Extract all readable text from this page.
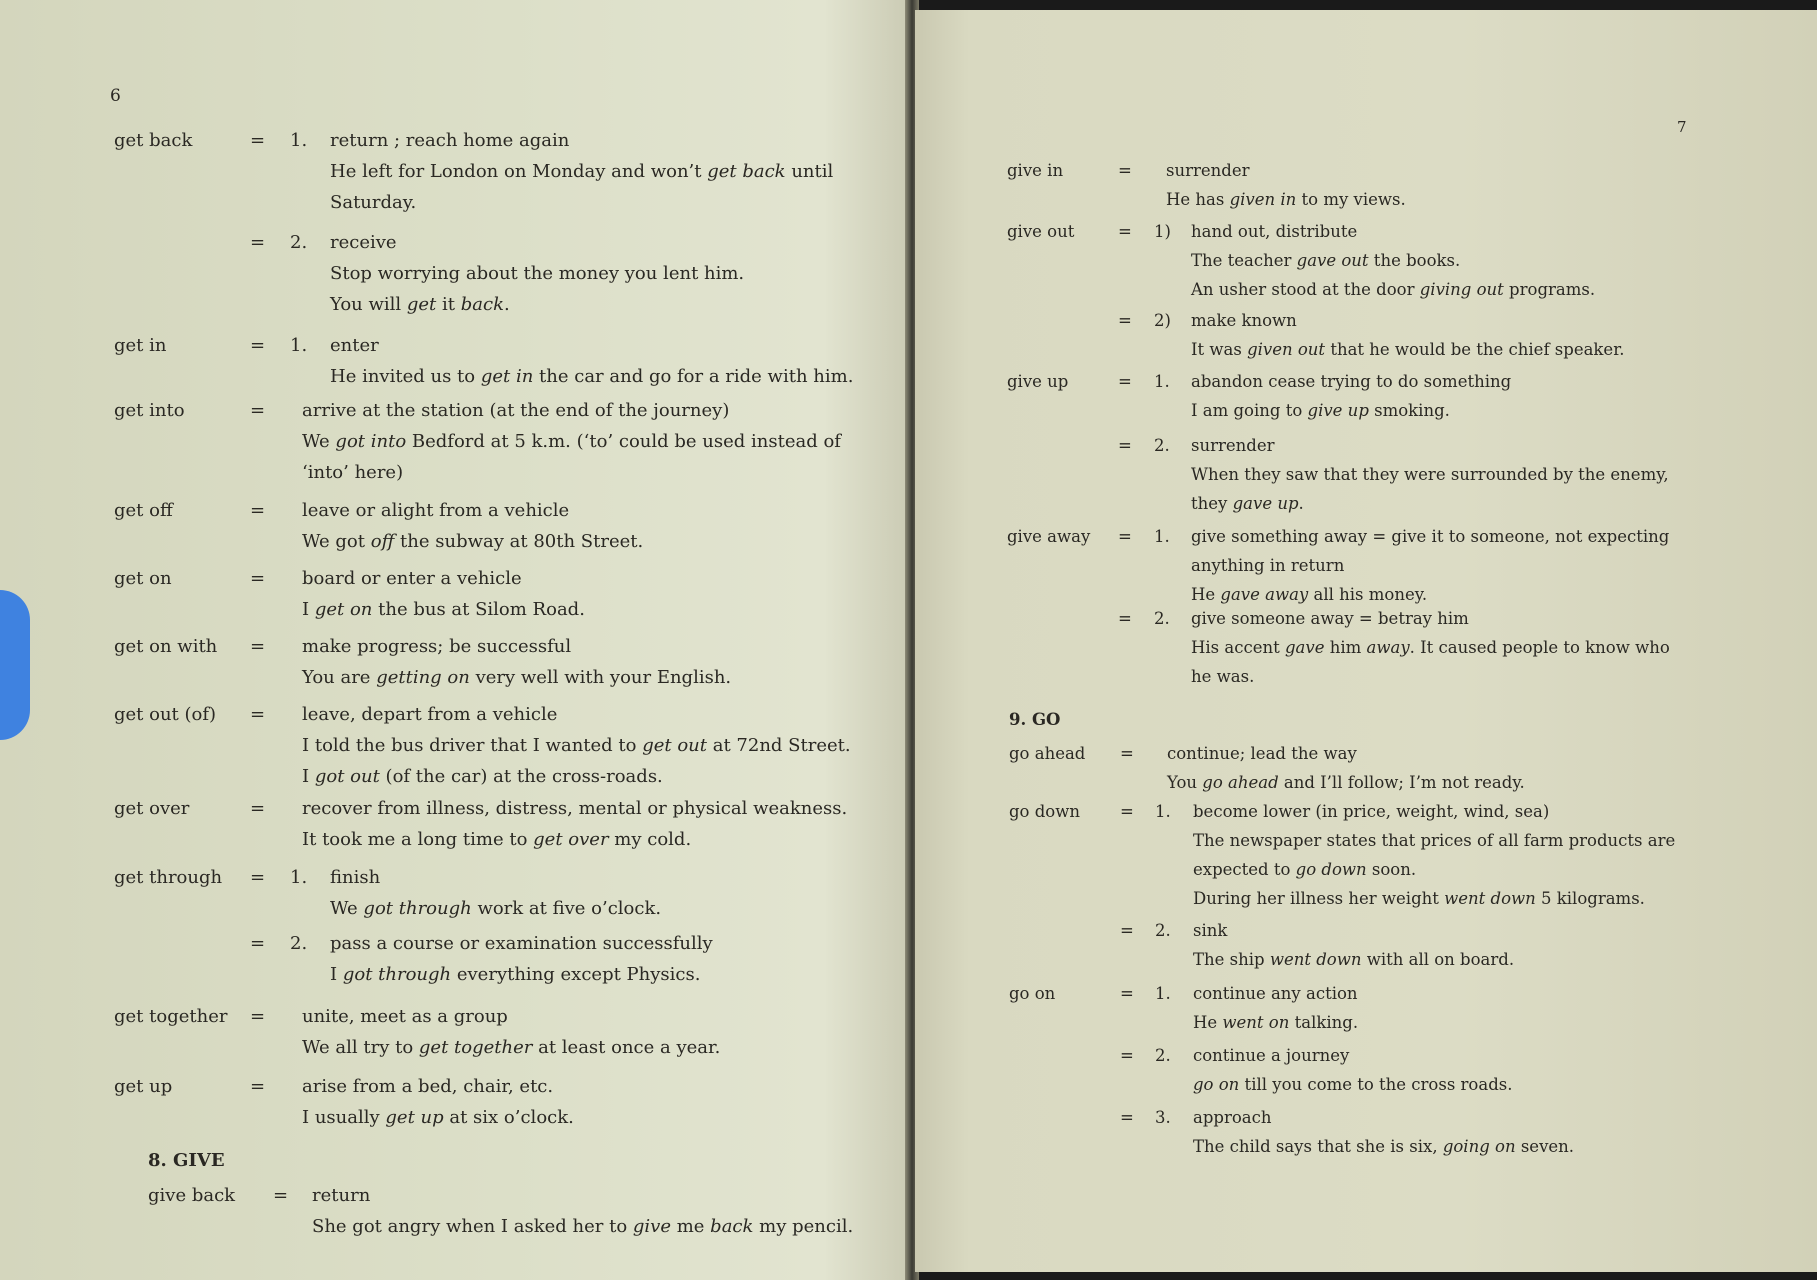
6
get back	= 1. return ; reach home again
He left for London on Monday and won’t get back until
Saturday.
= 2. receive
Stop worrying about the money you lent him.
You will get it back.
get in	= 1. enter
He invited us to get in the car and go for a ride with him.
get into	= arrive at the station (at the end of the journey)
We got into Bedford at 5 k.m. (‘to’ could be used instead of
‘into’ here)
get off	= leave or alight from a vehicle
We got off the subway at 80th Street.
get on	= board or enter a vehicle
I get on the bus at Silom Road.
get on with = make progress; be successful
You are getting on very well with your English.
get out (of) = leave, depart from a vehicle
I told the bus driver that I wanted to get out at 72nd Street.
I got out (of the car) at the cross-roads.
get over	= recover from illness, distress, mental or physical weakness.
It took me a long time to get over my cold.
get through = 1. finish
We got through work at five o’clock.
= 2. pass a course or examination successfully
I got through everything except Physics.
get together = unite, meet as a group
We all try to get together at least once a year.
get up	= arise from a bed, chair, etc.
I usually get up at six o’clock.
8. GIVE
give back = return
She got angry when I asked her to give me back my pencil.
7
give in	= surrender
He has given in to my views.
give out	= 1) hand out, distribute
The teacher gave out the books.
An usher stood at the door giving out programs.
= 2) make known
It was given out that he would be the chief speaker.
give up	= 1. abandon cease trying to do something
I am going to give up smoking.
= 2. surrender
When they saw that they were surrounded by the enemy,
they gave up.
give away = 1. give something away = give it to someone, not expecting
anything in return
He gave away all his money.
= 2. give someone away = betray him
His accent gave him away. It caused people to know who
he was.
9. GO
go ahead = continue; lead the way
You go ahead and I’ll follow; I’m not ready.
go down = 1. become lower (in price, weight, wind, sea)
The newspaper states that prices of all farm products are
expected to go down soon.
During her illness her weight went down 5 kilograms.
= 2. sink
The ship went down with all on board.
go on	= 1. continue any action
He went on talking.
= 2. continue a journey
go on till you come to the cross roads.
= 3. approach
The child says that she is six, going on seven.
